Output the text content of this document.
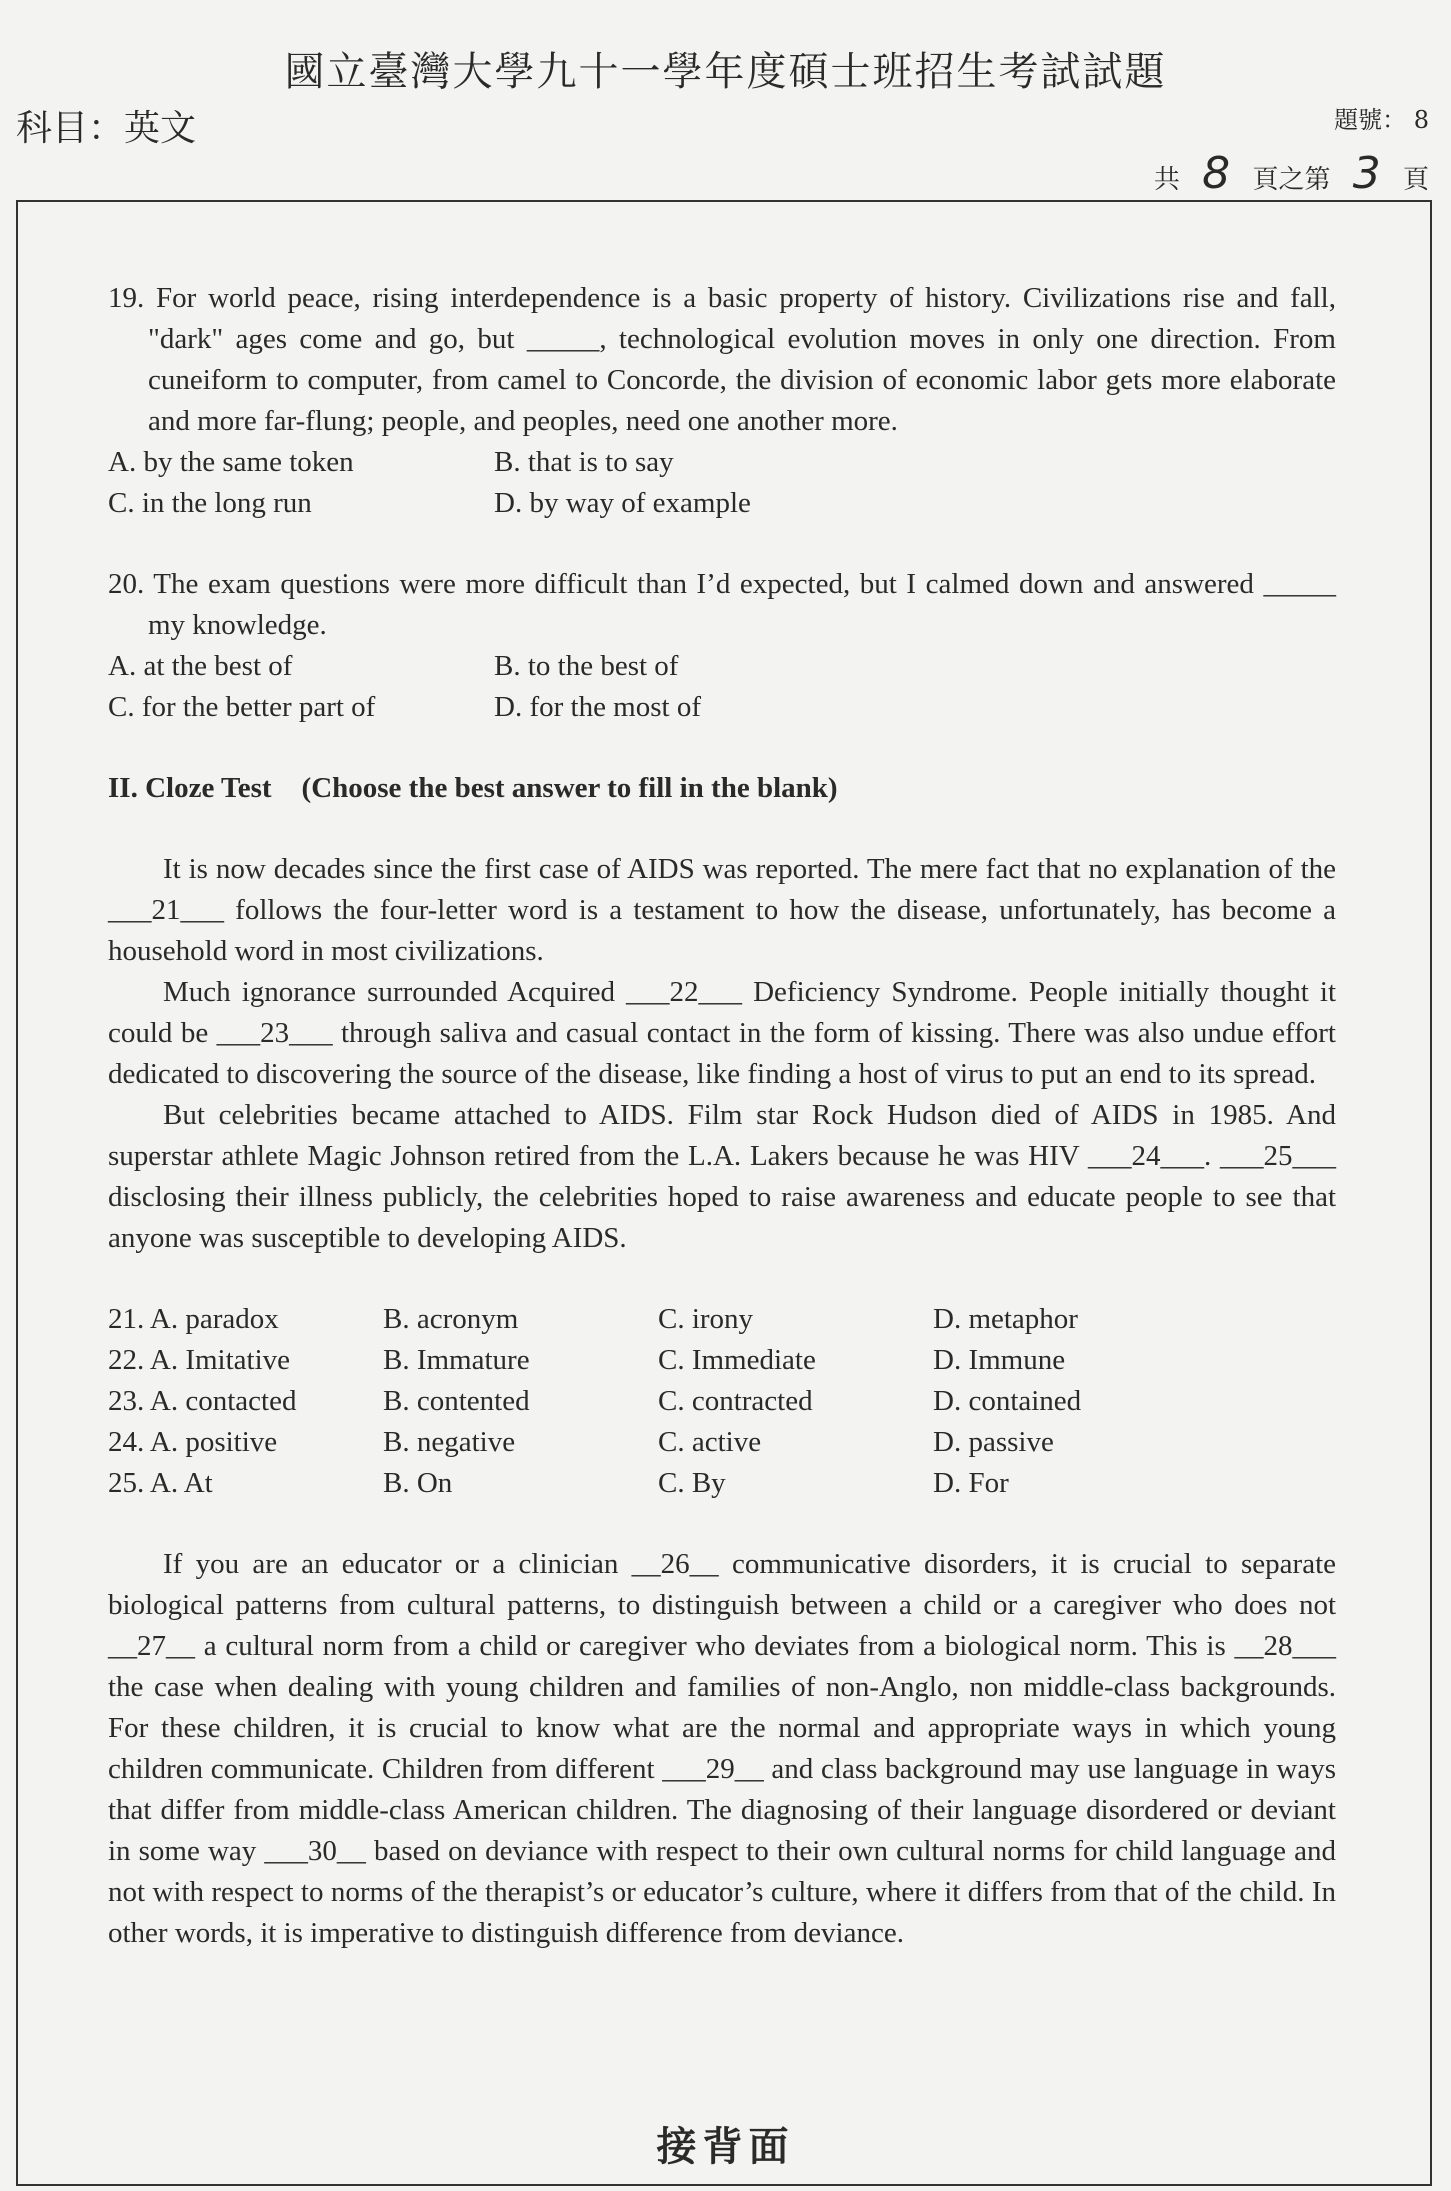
國立臺灣大學九十一學年度碩士班招生考試試題
科目：英文	題號： 8
共 8 頁之第 3 頁

19. For world peace, rising interdependence is a basic property of history. Civilizations rise and fall, "dark" ages come and go, but _____, technological evolution moves in only one direction. From cuneiform to computer, from camel to Concorde, the division of economic labor gets more elaborate and more far-flung; people, and peoples, need one another more.

A. by the same token	B. that is to say
C. in the long run	D. by way of example

20. The exam questions were more difficult than I’d expected, but I calmed down and answered _____ my knowledge.

A. at the best of	B. to the best of
C. for the better part of	D. for the most of

II. Cloze Test (Choose the best answer to fill in the blank)

It is now decades since the first case of AIDS was reported. The mere fact that no explanation of the ___21___ follows the four-letter word is a testament to how the disease, unfortunately, has become a household word in most civilizations.

Much ignorance surrounded Acquired ___22___ Deficiency Syndrome. People initially thought it could be ___23___ through saliva and casual contact in the form of kissing. There was also undue effort dedicated to discovering the source of the disease, like finding a host of virus to put an end to its spread.

But celebrities became attached to AIDS. Film star Rock Hudson died of AIDS in 1985. And superstar athlete Magic Johnson retired from the L.A. Lakers because he was HIV ___24___. ___25___ disclosing their illness publicly, the celebrities hoped to raise awareness and educate people to see that anyone was susceptible to developing AIDS.

21. A. paradox	B. acronym	C. irony	D. metaphor
22. A. Imitative	B. Immature	C. Immediate	D. Immune
23. A. contacted	B. contented	C. contracted	D. contained
24. A. positive	B. negative	C. active	D. passive
25. A. At	B. On	C. By	D. For

If you are an educator or a clinician __26__ communicative disorders, it is crucial to separate biological patterns from cultural patterns, to distinguish between a child or a caregiver who does not __27__ a cultural norm from a child or caregiver who deviates from a biological norm. This is __28___ the case when dealing with young children and families of non-Anglo, non middle-class backgrounds. For these children, it is crucial to know what are the normal and appropriate ways in which young children communicate. Children from different ___29__ and class background may use language in ways that differ from middle-class American children. The diagnosing of their language disordered or deviant in some way ___30__ based on deviance with respect to their own cultural norms for child language and not with respect to norms of the therapist’s or educator’s culture, where it differs from that of the child. In other words, it is imperative to distinguish difference from deviance.

接背面
